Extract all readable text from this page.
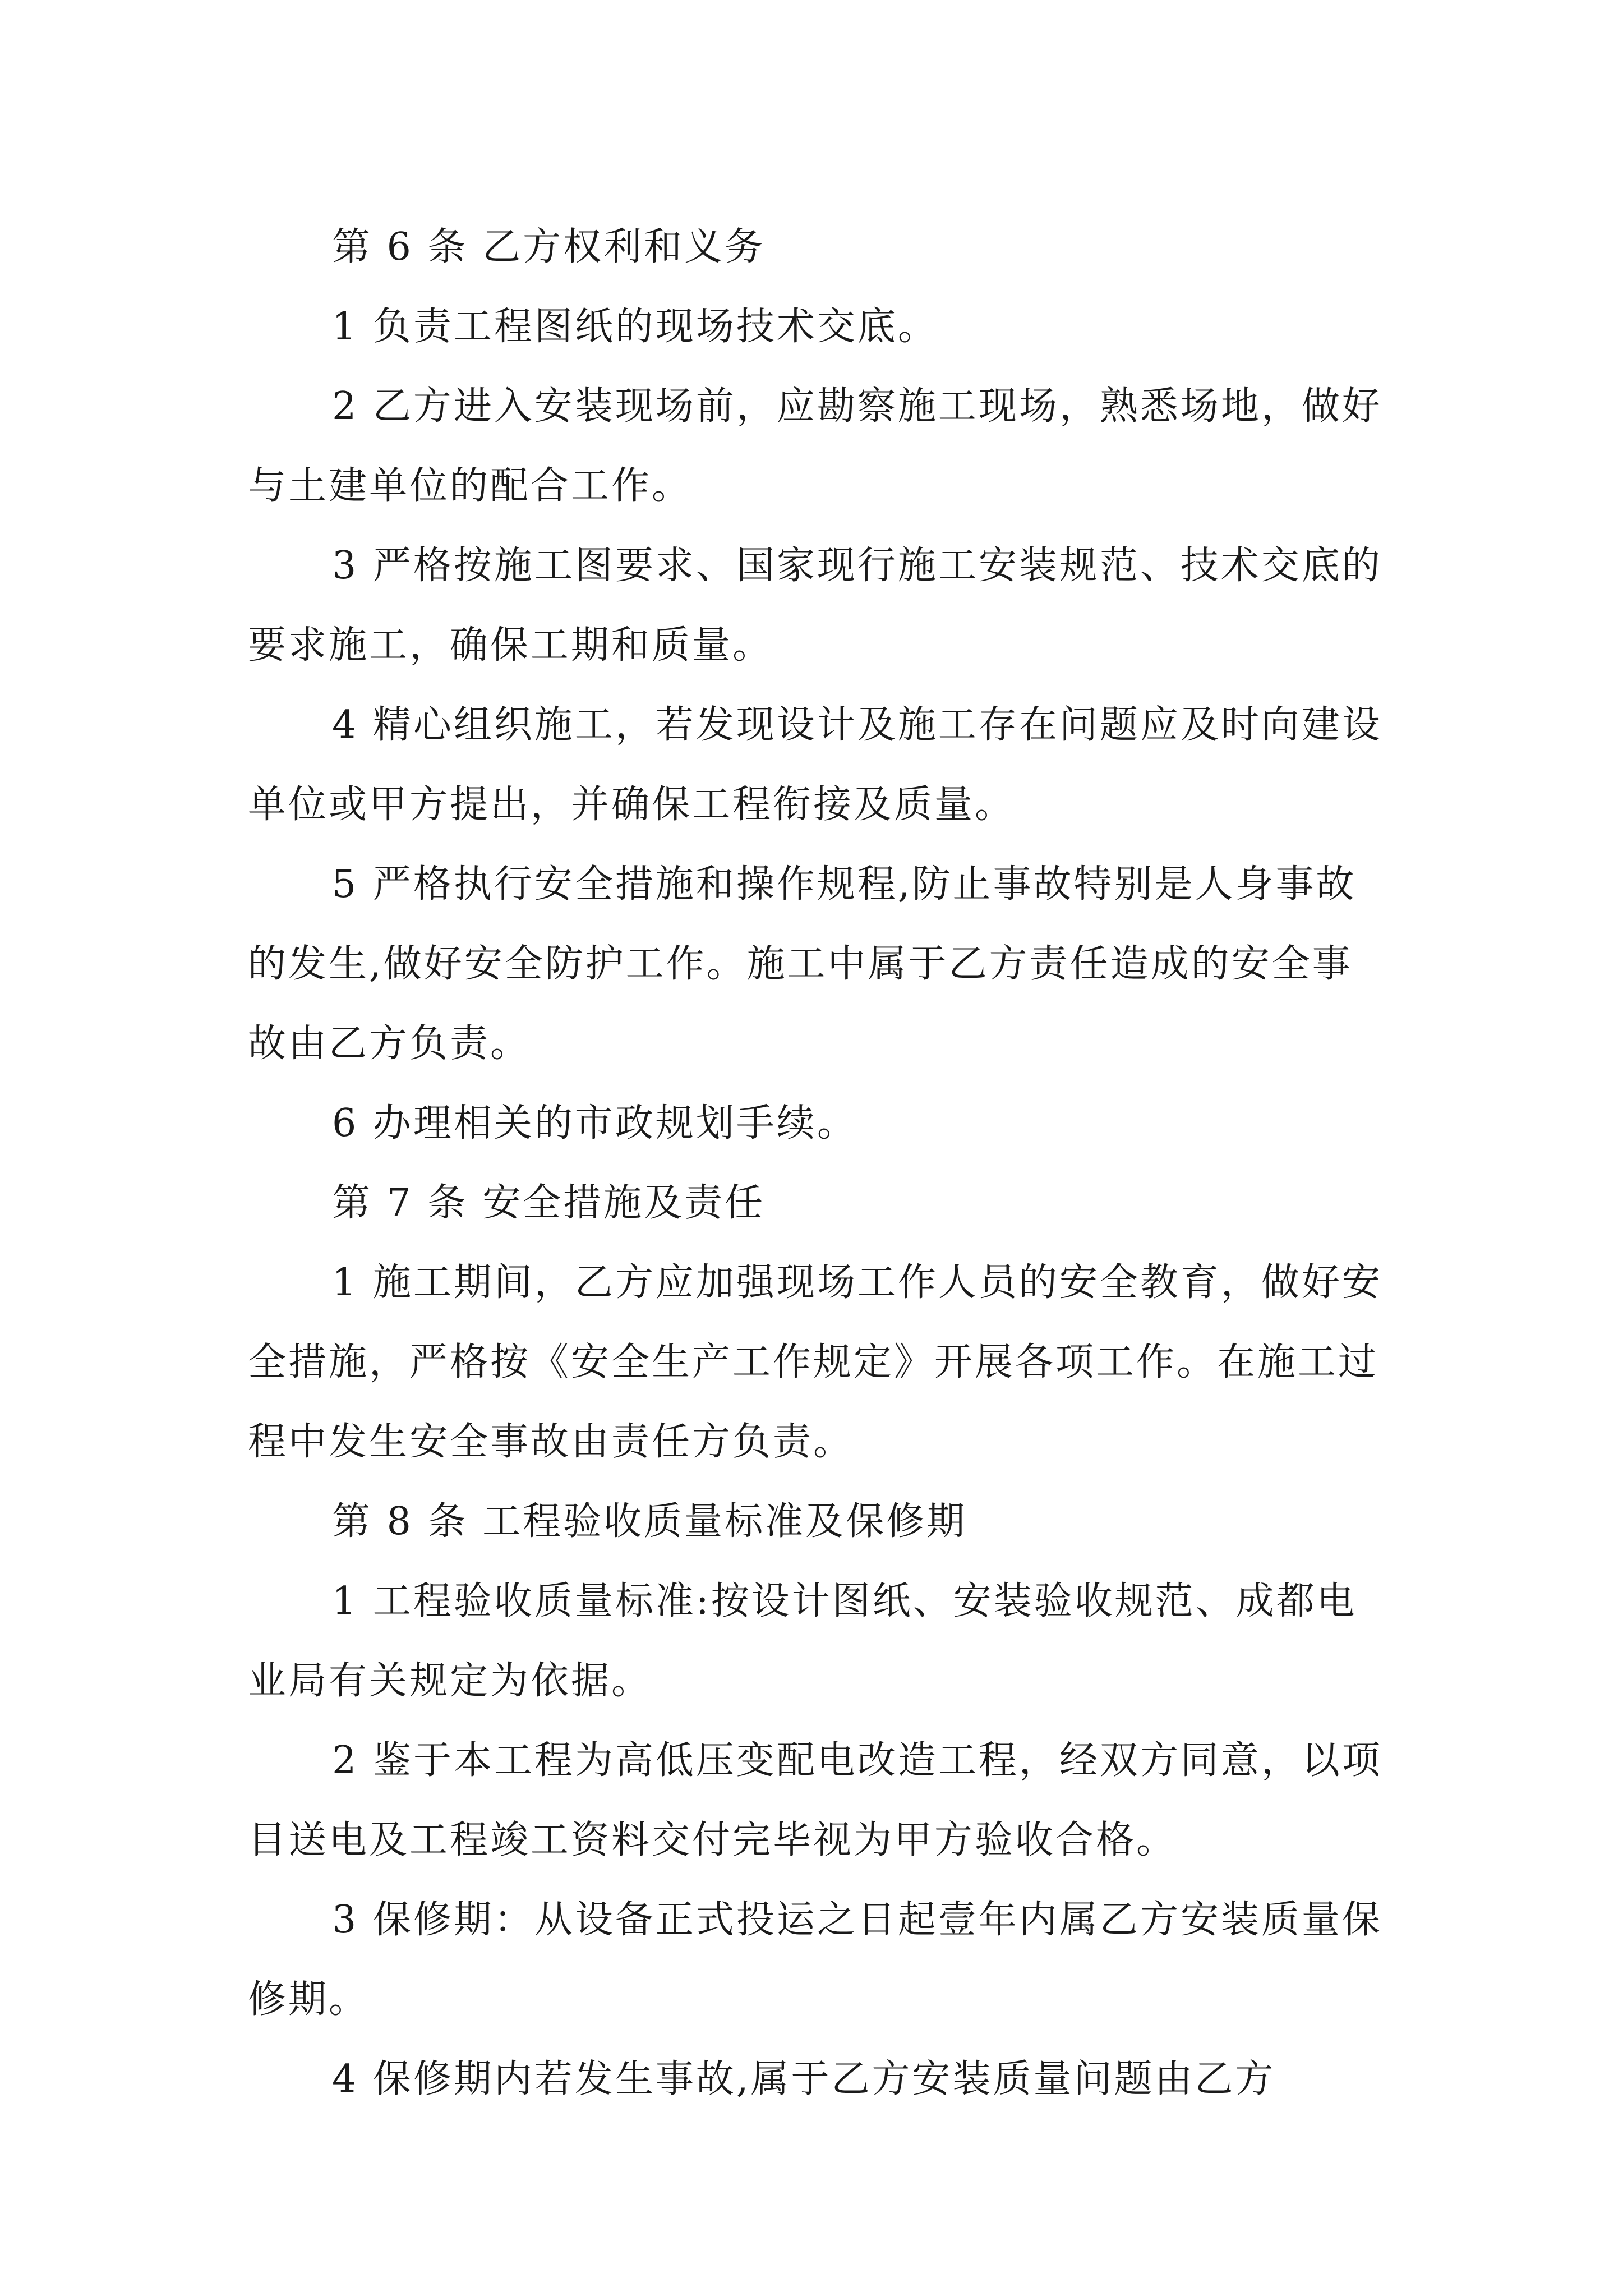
第 6 条 乙方权利和义务

1 负责工程图纸的现场技术交底。

2 乙方进入安装现场前，应勘察施工现场，熟悉场地，做好与土建单位的配合工作。

3 严格按施工图要求、国家现行施工安装规范、技术交底的要求施工，确保工期和质量。

4 精心组织施工，若发现设计及施工存在问题应及时向建设单位或甲方提出，并确保工程衔接及质量。

5 严格执行安全措施和操作规程,防止事故特别是人身事故的发生,做好安全防护工作。施工中属于乙方责任造成的安全事故由乙方负责。

6 办理相关的市政规划手续。

第 7 条 安全措施及责任

1 施工期间，乙方应加强现场工作人员的安全教育，做好安全措施，严格按《安全生产工作规定》开展各项工作。在施工过程中发生安全事故由责任方负责。

第 8 条 工程验收质量标准及保修期

1 工程验收质量标准:按设计图纸、安装验收规范、成都电业局有关规定为依据。

2 鉴于本工程为高低压变配电改造工程，经双方同意，以项目送电及工程竣工资料交付完毕视为甲方验收合格。

3 保修期：从设备正式投运之日起壹年内属乙方安装质量保修期。

4 保修期内若发生事故,属于乙方安装质量问题由乙方
